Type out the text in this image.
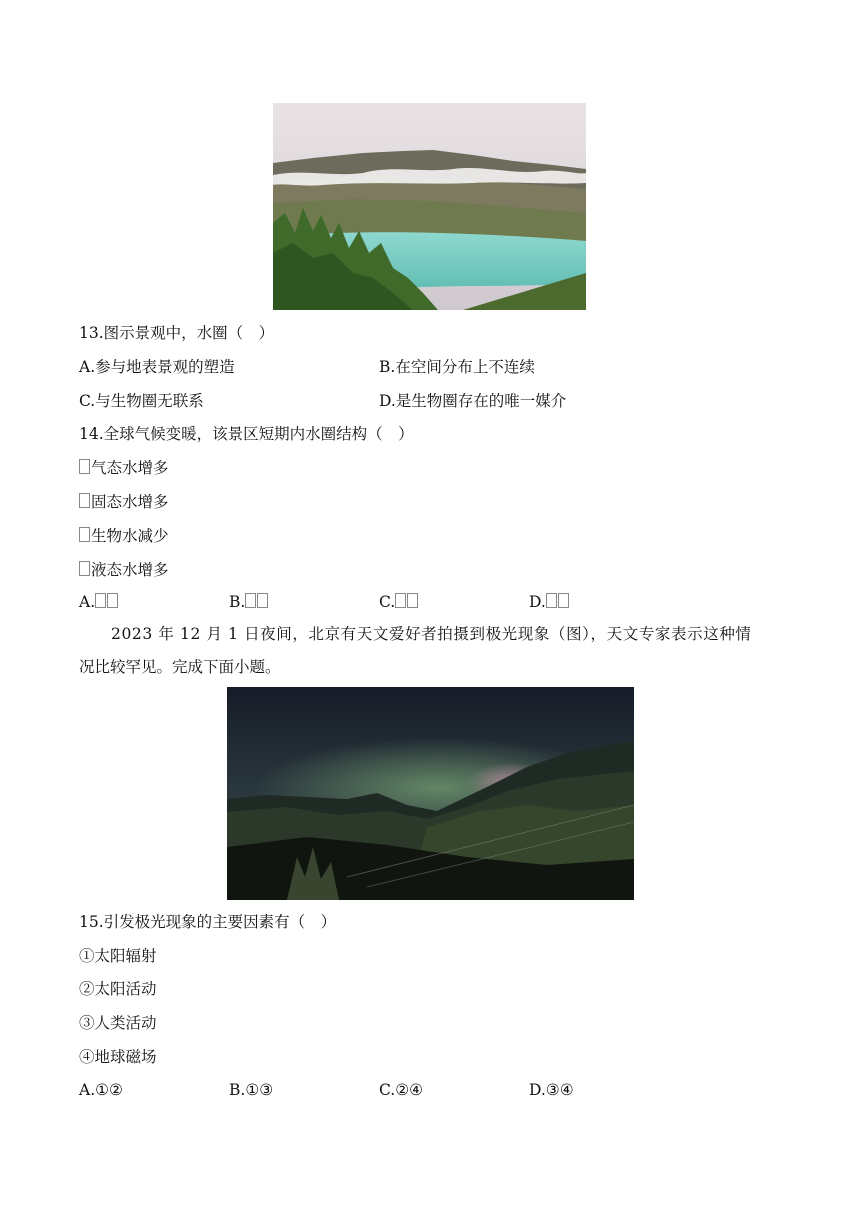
13.图示景观中，水圈（　）
A.参与地表景观的塑造	B.在空间分布上不连续
C.与生物圈无联系	D.是生物圈存在的唯一媒介
14.全球气候变暖，该景区短期内水圈结构（　）
气态水增多
固态水增多
生物水减少
液态水增多
A.	B.	C.	D.
2023 年 12 月 1 日夜间，北京有天文爱好者拍摄到极光现象（图），天文专家表示这种情
况比较罕见。完成下面小题。
15.引发极光现象的主要因素有（　）
①太阳辐射
②太阳活动
③人类活动
④地球磁场
A.①②	B.①③	C.②④	D.③④
